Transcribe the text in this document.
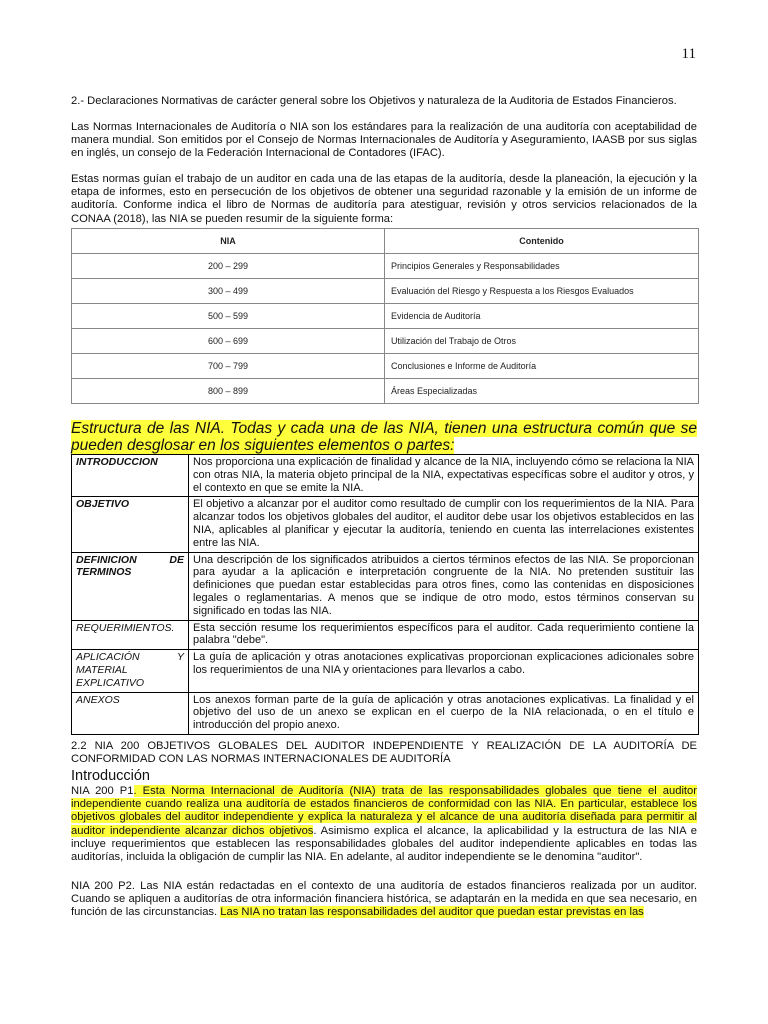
11
2.- Declaraciones Normativas de carácter general sobre los Objetivos y naturaleza de la Auditoria de Estados Financieros.
Las Normas Internacionales de Auditoría o NIA son los estándares para la realización de una auditoría con aceptabilidad de manera mundial. Son emitidos por el Consejo de Normas Internacionales de Auditoría y Aseguramiento, IAASB por sus siglas en inglés, un consejo de la Federación Internacional de Contadores (IFAC).
Estas normas guían el trabajo de un auditor en cada una de las etapas de la auditoría, desde la planeación, la ejecución y la etapa de informes, esto en persecución de los objetivos de obtener una seguridad razonable y la emisión de un informe de auditoría. Conforme indica el libro de Normas de auditoría para atestiguar, revisión y otros servicios relacionados de la CONAA (2018), las NIA se pueden resumir de la siguiente forma:
NIA	Contenido
200 – 299	Principios Generales y Responsabilidades
300 – 499	Evaluación del Riesgo y Respuesta a los Riesgos Evaluados
500 – 599	Evidencia de Auditoría
600 – 699	Utilización del Trabajo de Otros
700 – 799	Conclusiones e Informe de Auditoría
800 – 899	Áreas Especializadas
Estructura de las NIA. Todas y cada una de las NIA, tienen una estructura común que se pueden desglosar en los siguientes elementos o partes:
INTRODUCCION	Nos proporciona una explicación de finalidad y alcance de la NIA, incluyendo cómo se relaciona la NIA con otras NIA, la materia objeto principal de la NIA, expectativas específicas sobre el auditor y otros, y el contexto en que se emite la NIA.
OBJETIVO	El objetivo a alcanzar por el auditor como resultado de cumplir con los requerimientos de la NIA. Para alcanzar todos los objetivos globales del auditor, el auditor debe usar los objetivos establecidos en las NIA, aplicables al planificar y ejecutar la auditoría, teniendo en cuenta las interrelaciones existentes entre las NIA.
DEFINICION DE TERMINOS	Una descripción de los significados atribuidos a ciertos términos efectos de las NIA. Se proporcionan para ayudar a la aplicación e interpretación congruente de la NIA. No pretenden sustituir las definiciones que puedan estar establecidas para otros fines, como las contenidas en disposiciones legales o reglamentarias. A menos que se indique de otro modo, estos términos conservan su significado en todas las NIA.
REQUERIMIENTOS.	Esta sección resume los requerimientos específicos para el auditor. Cada requerimiento contiene la palabra "debe".
APLICACIÓN Y MATERIAL EXPLICATIVO	La guía de aplicación y otras anotaciones explicativas proporcionan explicaciones adicionales sobre los requerimientos de una NIA y orientaciones para llevarlos a cabo.
ANEXOS	Los anexos forman parte de la guía de aplicación y otras anotaciones explicativas. La finalidad y el objetivo del uso de un anexo se explican en el cuerpo de la NIA relacionada, o en el título e introducción del propio anexo.
2.2 NIA 200 OBJETIVOS GLOBALES DEL AUDITOR INDEPENDIENTE Y REALIZACIÓN DE LA AUDITORÍA DE CONFORMIDAD CON LAS NORMAS INTERNACIONALES DE AUDITORÍA
Introducción
NIA 200 P1. Esta Norma Internacional de Auditoría (NIA) trata de las responsabilidades globales que tiene el auditor independiente cuando realiza una auditoría de estados financieros de conformidad con las NIA. En particular, establece los objetivos globales del auditor independiente y explica la naturaleza y el alcance de una auditoría diseñada para permitir al auditor independiente alcanzar dichos objetivos. Asimismo explica el alcance, la aplicabilidad y la estructura de las NIA e incluye requerimientos que establecen las responsabilidades globales del auditor independiente aplicables en todas las auditorías, incluida la obligación de cumplir las NIA. En adelante, al auditor independiente se le denomina "auditor".
NIA 200 P2. Las NIA están redactadas en el contexto de una auditoría de estados financieros realizada por un auditor. Cuando se apliquen a auditorías de otra información financiera histórica, se adaptarán en la medida en que sea necesario, en función de las circunstancias. Las NIA no tratan las responsabilidades del auditor que puedan estar previstas en las
